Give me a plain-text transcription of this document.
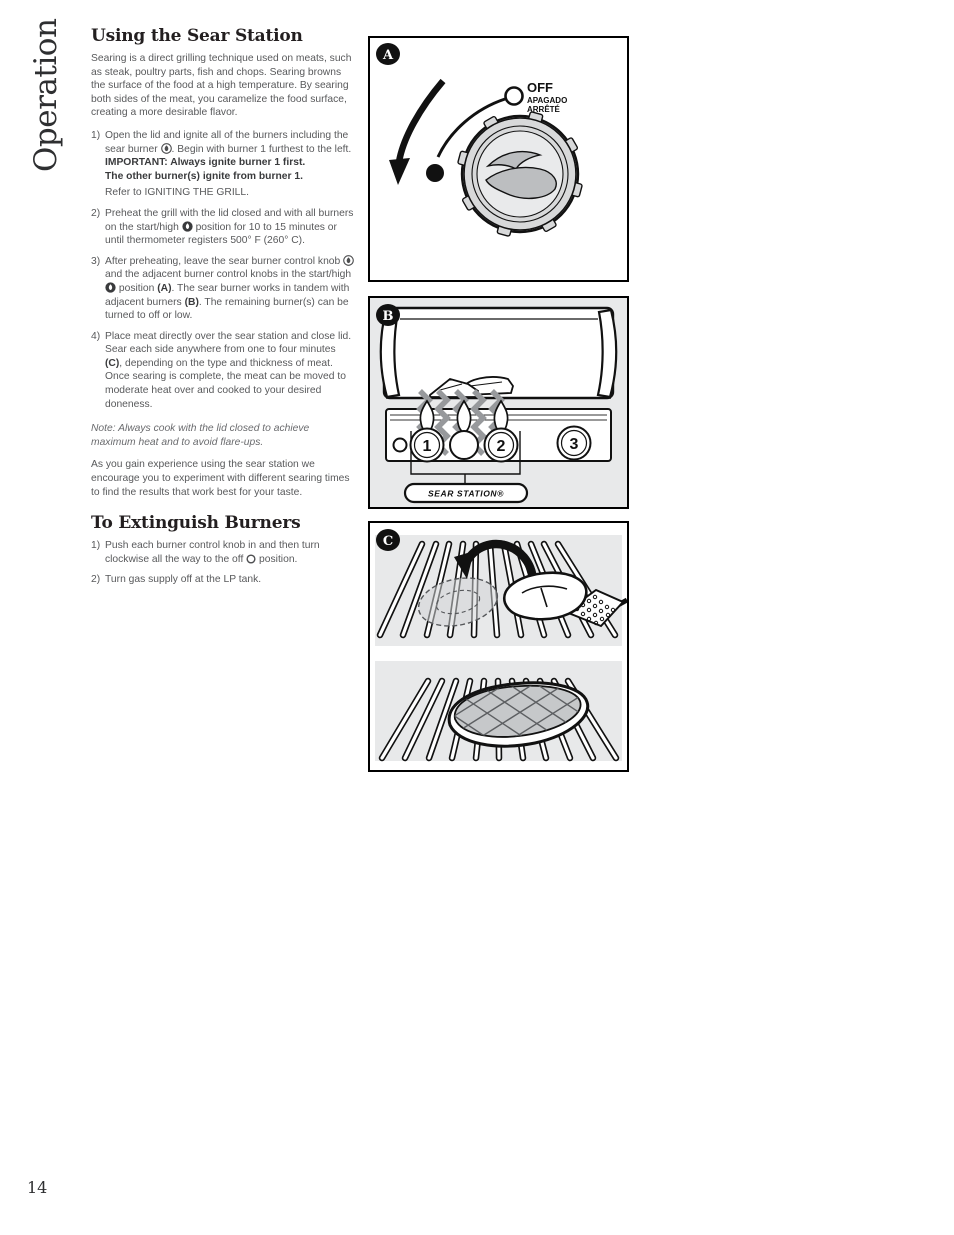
Operation
14
Using the Sear Station

Searing is a direct grilling technique used on meats, such as steak, poultry parts, fish and chops. Searing browns the surface of the food at a high temperature. By searing both sides of the meat, you caramelize the food surface, creating a more desirable flavor.

1) Open the lid and ignite all of the burners including the sear burner . Begin with burner 1 furthest to the left.
IMPORTANT: Always ignite burner 1 first.
The other burner(s) ignite from burner 1.
Refer to IGNITING THE GRILL.
2) Preheat the grill with the lid closed and with all burners on the start/high  position for 10 to 15 minutes or until thermometer registers 500° F (260° C).
3) After preheating, leave the sear burner control knob  and the adjacent burner control knobs in the start/high  position (A). The sear burner works in tandem with adjacent burners (B). The remaining burner(s) can be turned to off or low.
4) Place meat directly over the sear station and close lid. Sear each side anywhere from one to four minutes (C), depending on the type and thickness of meat. Once searing is complete, the meat can be moved to moderate heat over and cooked to your desired doneness.

Note: Always cook with the lid closed to achieve maximum heat and to avoid flare-ups.

As you gain experience using the sear station we encourage you to experiment with different searing times to find the results that work best for your taste.

To Extinguish Burners
1) Push each burner control knob in and then turn clockwise all the way to the off  position.
2) Turn gas supply off at the LP tank.
OFF
APAGADO
ARRÊTÉ
A
1	2	3
SEAR STATION®
B
C
